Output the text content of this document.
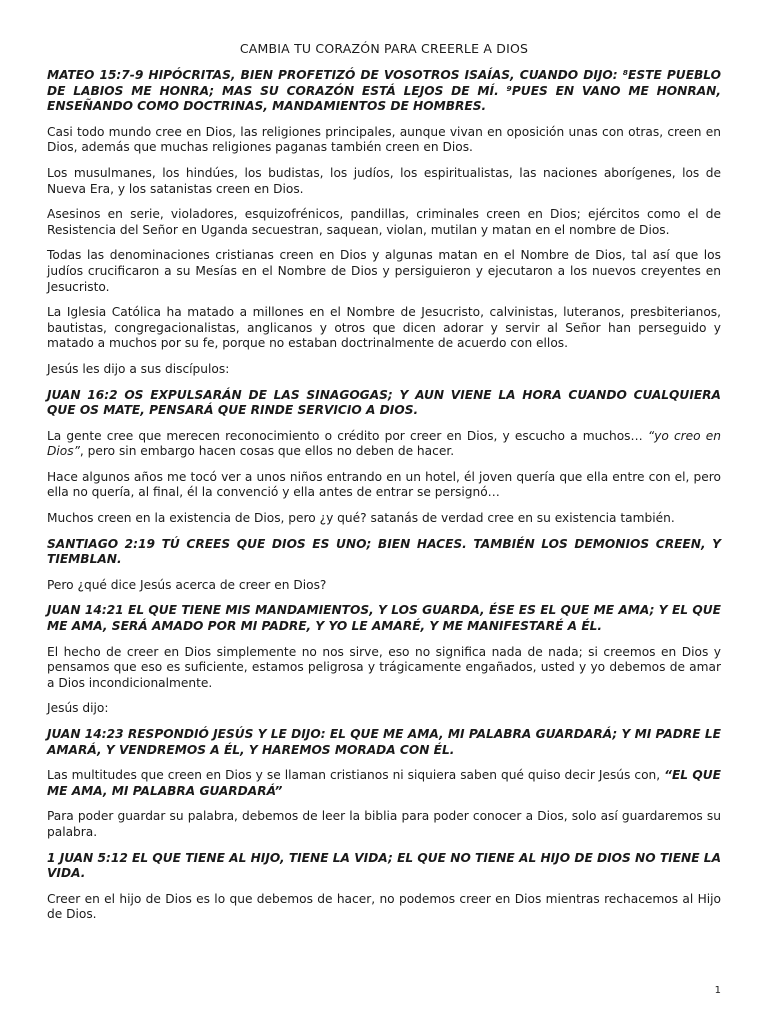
CAMBIA TU CORAZÓN PARA CREERLE A DIOS

MATEO 15:7-9 HIPÓCRITAS, BIEN PROFETIZÓ DE VOSOTROS ISAÍAS, CUANDO DIJO: ⁸ESTE PUEBLO DE LABIOS ME HONRA; MAS SU CORAZÓN ESTÁ LEJOS DE MÍ. ⁹PUES EN VANO ME HONRAN, ENSEÑANDO COMO DOCTRINAS, MANDAMIENTOS DE HOMBRES.

Casi todo mundo cree en Dios, las religiones principales, aunque vivan en oposición unas con otras, creen en Dios, además que muchas religiones paganas también creen en Dios.

Los musulmanes, los hindúes, los budistas, los judíos, los espiritualistas, las naciones aborígenes, los de Nueva Era, y los satanistas creen en Dios.

Asesinos en serie, violadores, esquizofrénicos, pandillas, criminales creen en Dios; ejércitos como el de Resistencia del Señor en Uganda secuestran, saquean, violan, mutilan y matan en el nombre de Dios.

Todas las denominaciones cristianas creen en Dios y algunas matan en el Nombre de Dios, tal así que los judíos crucificaron a su Mesías en el Nombre de Dios y persiguieron y ejecutaron a los nuevos creyentes en Jesucristo.

La Iglesia Católica ha matado a millones en el Nombre de Jesucristo, calvinistas, luteranos, presbiterianos, bautistas, congregacionalistas, anglicanos y otros que dicen adorar y servir al Señor han perseguido y matado a muchos por su fe, porque no estaban doctrinalmente de acuerdo con ellos.

Jesús les dijo a sus discípulos:

JUAN 16:2 OS EXPULSARÁN DE LAS SINAGOGAS; Y AUN VIENE LA HORA CUANDO CUALQUIERA QUE OS MATE, PENSARÁ QUE RINDE SERVICIO A DIOS.

La gente cree que merecen reconocimiento o crédito por creer en Dios, y escucho a muchos… “yo creo en Dios”, pero sin embargo hacen cosas que ellos no deben de hacer.

Hace algunos años me tocó ver a unos niños entrando en un hotel, él joven quería que ella entre con el, pero ella no quería, al final, él la convenció y ella antes de entrar se persignó…

Muchos creen en la existencia de Dios, pero ¿y qué? satanás de verdad cree en su existencia también.

SANTIAGO 2:19 TÚ CREES QUE DIOS ES UNO; BIEN HACES. TAMBIÉN LOS DEMONIOS CREEN, Y TIEMBLAN.

Pero ¿qué dice Jesús acerca de creer en Dios?

JUAN 14:21 EL QUE TIENE MIS MANDAMIENTOS, Y LOS GUARDA, ÉSE ES EL QUE ME AMA; Y EL QUE ME AMA, SERÁ AMADO POR MI PADRE, Y YO LE AMARÉ, Y ME MANIFESTARÉ A ÉL.

El hecho de creer en Dios simplemente no nos sirve, eso no significa nada de nada; si creemos en Dios y pensamos que eso es suficiente, estamos peligrosa y trágicamente engañados, usted y yo debemos de amar a Dios incondicionalmente.

Jesús dijo:

JUAN 14:23 RESPONDIÓ JESÚS Y LE DIJO: EL QUE ME AMA, MI PALABRA GUARDARÁ; Y MI PADRE LE AMARÁ, Y VENDREMOS A ÉL, Y HAREMOS MORADA CON ÉL.

Las multitudes que creen en Dios y se llaman cristianos ni siquiera saben qué quiso decir Jesús con, “EL QUE ME AMA, MI PALABRA GUARDARÁ”

Para poder guardar su palabra, debemos de leer la biblia para poder conocer a Dios, solo así guardaremos su palabra.

1 JUAN 5:12 EL QUE TIENE AL HIJO, TIENE LA VIDA; EL QUE NO TIENE AL HIJO DE DIOS NO TIENE LA VIDA.

Creer en el hijo de Dios es lo que debemos de hacer, no podemos creer en Dios mientras rechacemos al Hijo de Dios.

1
